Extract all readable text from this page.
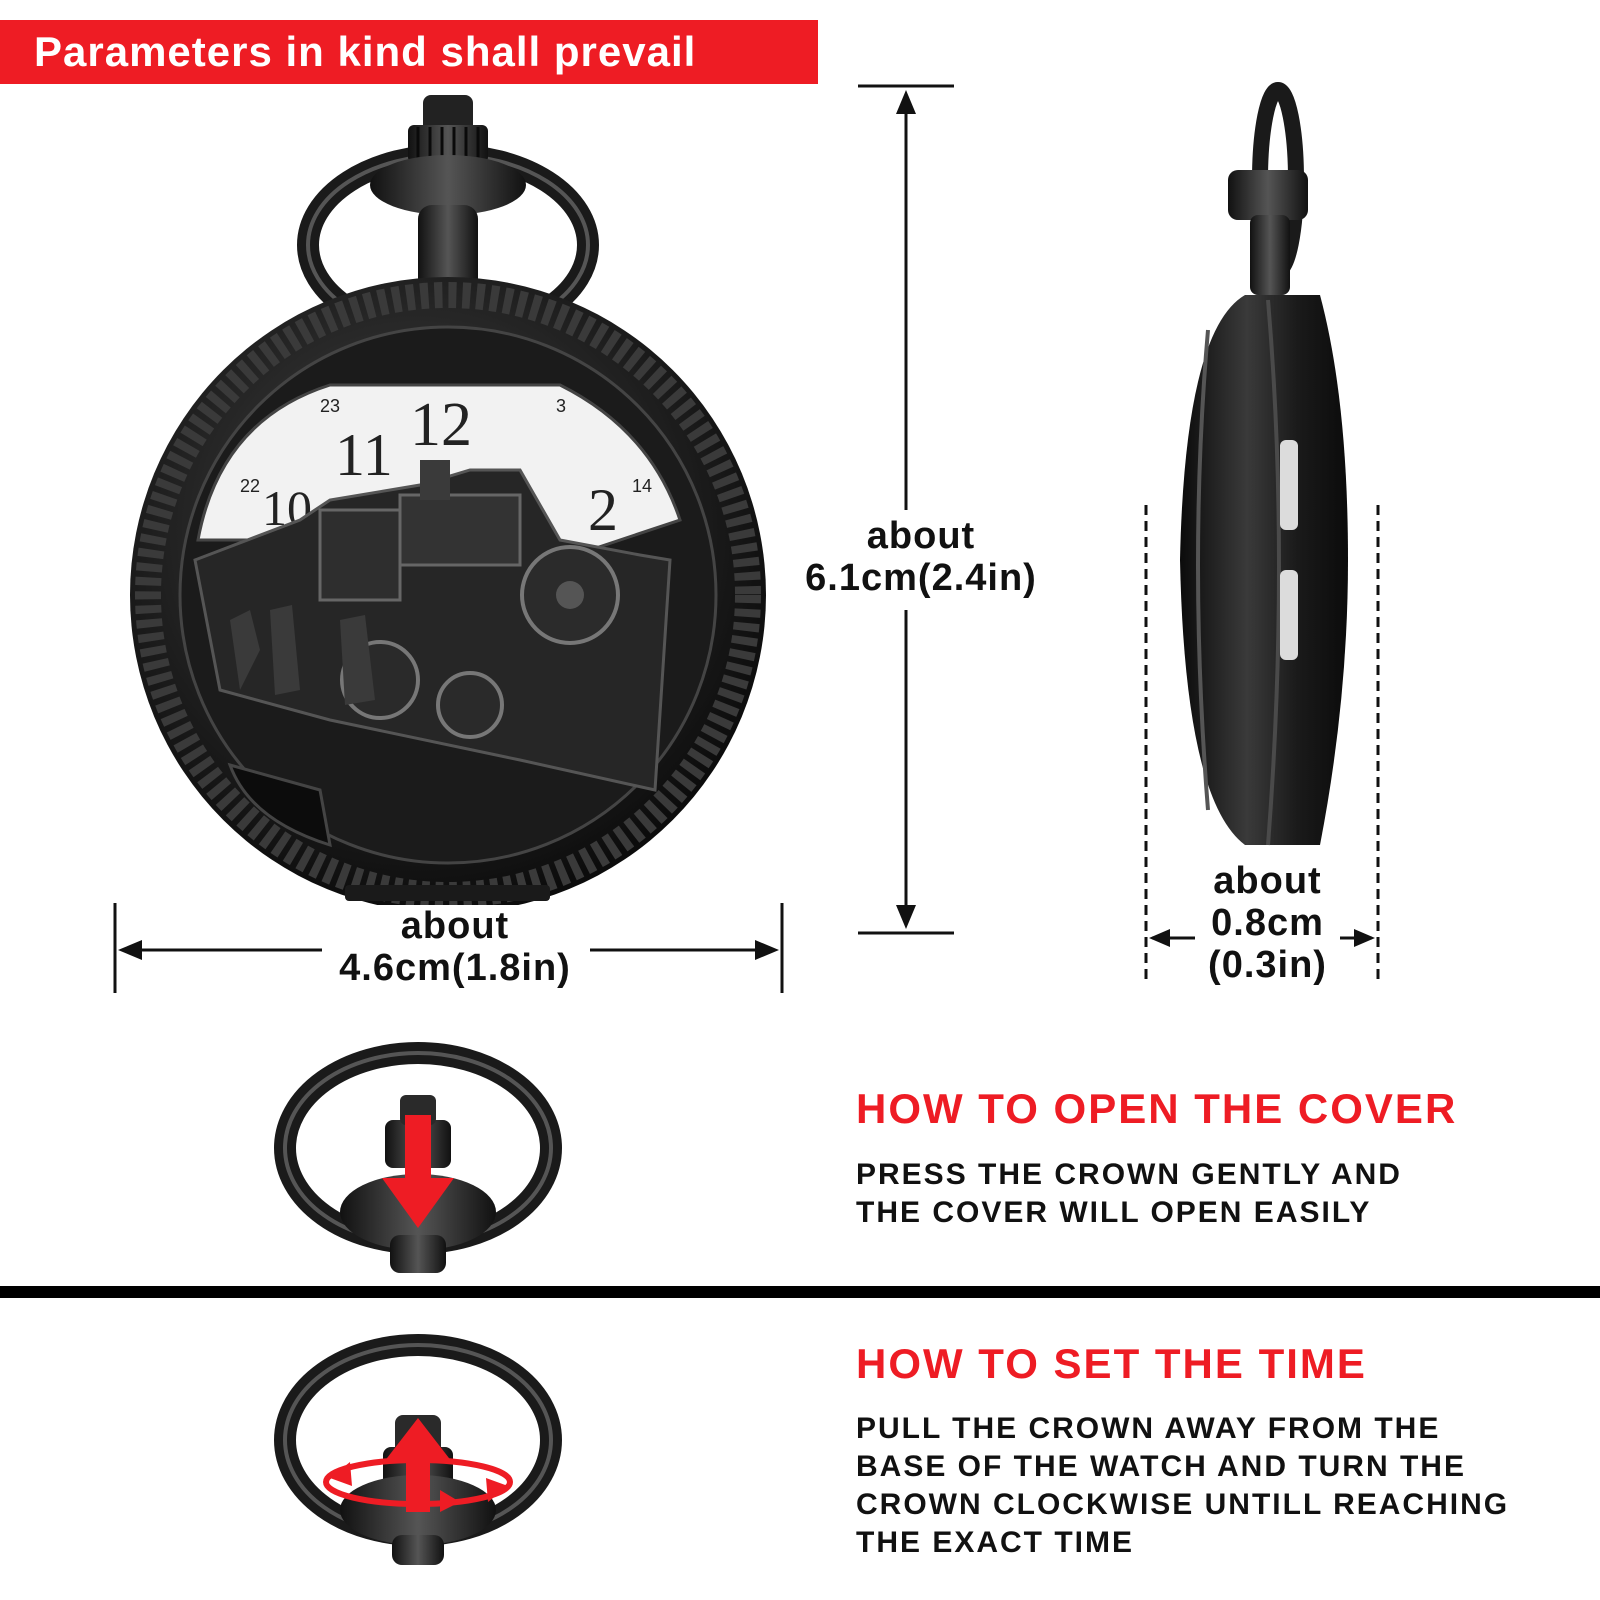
Parameters in kind shall prevail
11 12
2
10
23
22
3
14
about
6.1cm(2.4in)
about
4.6cm(1.8in)
about
0.8cm
(0.3in)
HOW TO OPEN THE COVER
PRESS THE CROWN GENTLY AND
THE COVER WILL OPEN EASILY
HOW TO SET THE TIME
PULL THE CROWN AWAY FROM THE
BASE OF THE WATCH AND TURN THE
CROWN CLOCKWISE UNTILL REACHING
THE EXACT TIME
